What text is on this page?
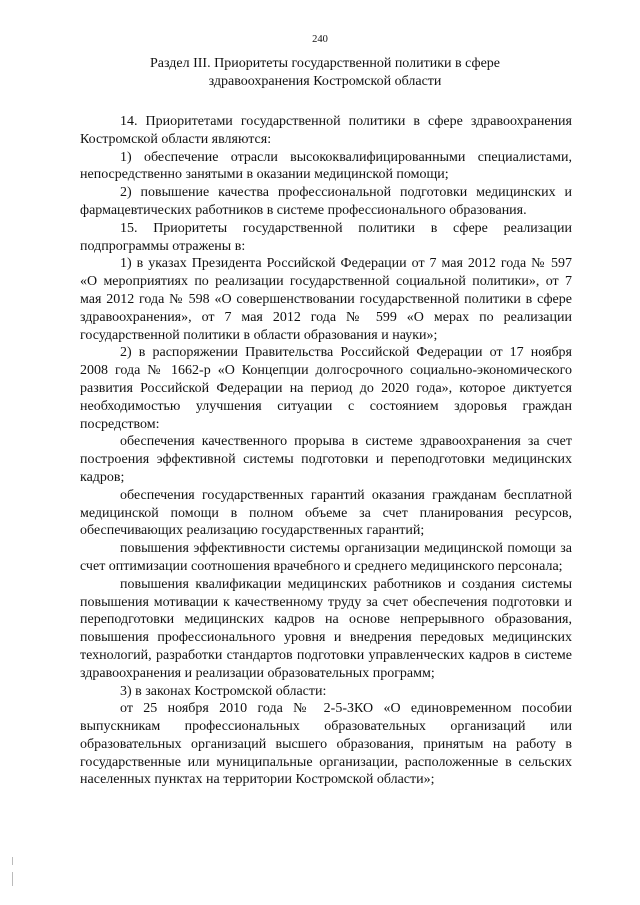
240
Раздел III. Приоритеты государственной политики в сфере
здравоохранения Костромской области

14. Приоритетами государственной политики в сфере здравоохранения Костромской области являются:

1) обеспечение отрасли высококвалифицированными специалистами, непосредственно занятыми в оказании медицинской помощи;

2) повышение качества профессиональной подготовки медицинских и фармацевтических работников в системе профессионального образования.

15. Приоритеты государственной политики в сфере реализации подпрограммы отражены в:

1) в указах Президента Российской Федерации от 7 мая 2012 года № 597 «О мероприятиях по реализации государственной социальной политики», от 7 мая 2012 года № 598 «О совершенствовании государственной политики в сфере здравоохранения», от 7 мая 2012 года № 599 «О мерах по реализации государственной политики в области образования и науки»;

2) в распоряжении Правительства Российской Федерации от 17 ноября 2008 года № 1662-р «О Концепции долгосрочного социально-экономического развития Российской Федерации на период до 2020 года», которое диктуется необходимостью улучшения ситуации с состоянием здоровья граждан посредством:

обеспечения качественного прорыва в системе здравоохранения за счет построения эффективной системы подготовки и переподготовки медицинских кадров;

обеспечения государственных гарантий оказания гражданам бесплатной медицинской помощи в полном объеме за счет планирования ресурсов, обеспечивающих реализацию государственных гарантий;

повышения эффективности системы организации медицинской помощи за счет оптимизации соотношения врачебного и среднего медицинского персонала;

повышения квалификации медицинских работников и создания системы повышения мотивации к качественному труду за счет обеспечения подготовки и переподготовки медицинских кадров на основе непрерывного образования, повышения профессионального уровня и внедрения передовых медицинских технологий, разработки стандартов подготовки управленческих кадров в системе здравоохранения и реализации образовательных программ;

3) в законах Костромской области:

от 25 ноября 2010 года № 2-5-ЗКО «О единовременном пособии выпускникам профессиональных образовательных организаций или образовательных организаций высшего образования, принятым на работу в государственные или муниципальные организации, расположенные в сельских населенных пунктах на территории Костромской области»;
